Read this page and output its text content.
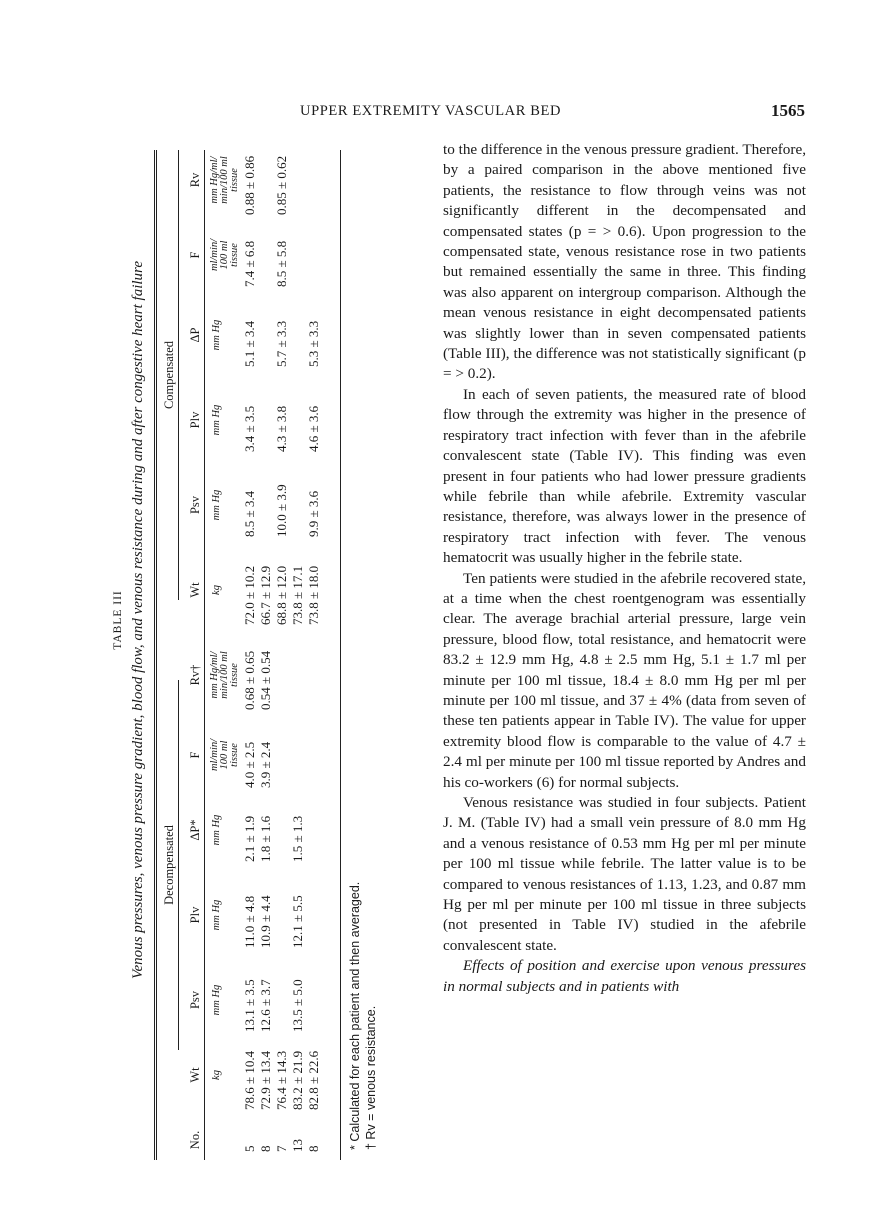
UPPER EXTREMITY VASCULAR BED	1565
TABLE III Venous pressures, venous pressure gradient, blood flow, and venous resistance during and after congestive heart failure Decompensated
Compensated
No.
Wt
Psv
Plv
ΔP*
F
Rv†
Wt
Psv
Plv
ΔP
F
Rv
kg
mm Hg
mm Hg
mm Hg
ml/min/ 100 ml tissue
mm Hg/ml/ min/100 ml tissue
kg
mm Hg
mm Hg
mm Hg
ml/min/ 100 ml tissue
mm Hg/ml/ min/100 ml tissue
5
78.6 ± 10.4
13.1 ± 3.5
11.0 ± 4.8
2.1 ± 1.9
4.0 ± 2.5
0.68 ± 0.65
72.0 ± 10.2
8.5 ± 3.4
3.4 ± 3.5
5.1 ± 3.4
7.4 ± 6.8
0.88 ± 0.86
8
72.9 ± 13.4
12.6 ± 3.7
10.9 ± 4.4
1.8 ± 1.6
3.9 ± 2.4
0.54 ± 0.54
66.7 ± 12.9
7
76.4 ± 14.3
68.8 ± 12.0
10.0 ± 3.9
4.3 ± 3.8
5.7 ± 3.3
8.5 ± 5.8
0.85 ± 0.62
13
83.2 ± 21.9
13.5 ± 5.0
12.1 ± 5.5
1.5 ± 1.3
73.8 ± 17.1
8
82.8 ± 22.6
73.8 ± 18.0
9.9 ± 3.6
4.6 ± 3.6
5.3 ± 3.3
* Calculated for each patient and then averaged. † Rv = venous resistance.

to the difference in the venous pressure gradient. Therefore, by a paired comparison in the above mentioned five patients, the resistance to flow through veins was not significantly different in the decompensated and compensated states (p = > 0.6). Upon progression to the compensated state, venous resistance rose in two patients but remained essentially the same in three. This finding was also apparent on intergroup comparison. Although the mean venous resistance in eight decompensated patients was slightly lower than in seven compensated patients (Table III), the difference was not statistically significant (p = > 0.2).

In each of seven patients, the measured rate of blood flow through the extremity was higher in the presence of respiratory tract infection with fever than in the afebrile convalescent state (Table IV). This finding was even present in four patients who had lower pressure gradients while febrile than while afebrile. Extremity vascular resistance, therefore, was always lower in the presence of respiratory tract infection with fever. The venous hematocrit was usually higher in the febrile state.

Ten patients were studied in the afebrile recovered state, at a time when the chest roentgenogram was essentially clear. The average brachial arterial pressure, large vein pressure, blood flow, total resistance, and hematocrit were 83.2 ± 12.9 mm Hg, 4.8 ± 2.5 mm Hg, 5.1 ± 1.7 ml per minute per 100 ml tissue, 18.4 ± 8.0 mm Hg per ml per minute per 100 ml tissue, and 37 ± 4% (data from seven of these ten patients appear in Table IV). The value for upper extremity blood flow is comparable to the value of 4.7 ± 2.4 ml per minute per 100 ml tissue reported by Andres and his co-workers (6) for normal subjects.

Venous resistance was studied in four subjects. Patient J. M. (Table IV) had a small vein pressure of 8.0 mm Hg and a venous resistance of 0.53 mm Hg per ml per minute per 100 ml tissue while febrile. The latter value is to be compared to venous resistances of 1.13, 1.23, and 0.87 mm Hg per ml per minute per 100 ml tissue in three subjects (not presented in Table IV) studied in the afebrile convalescent state.

Effects of position and exercise upon venous pressures in normal subjects and in patients with
